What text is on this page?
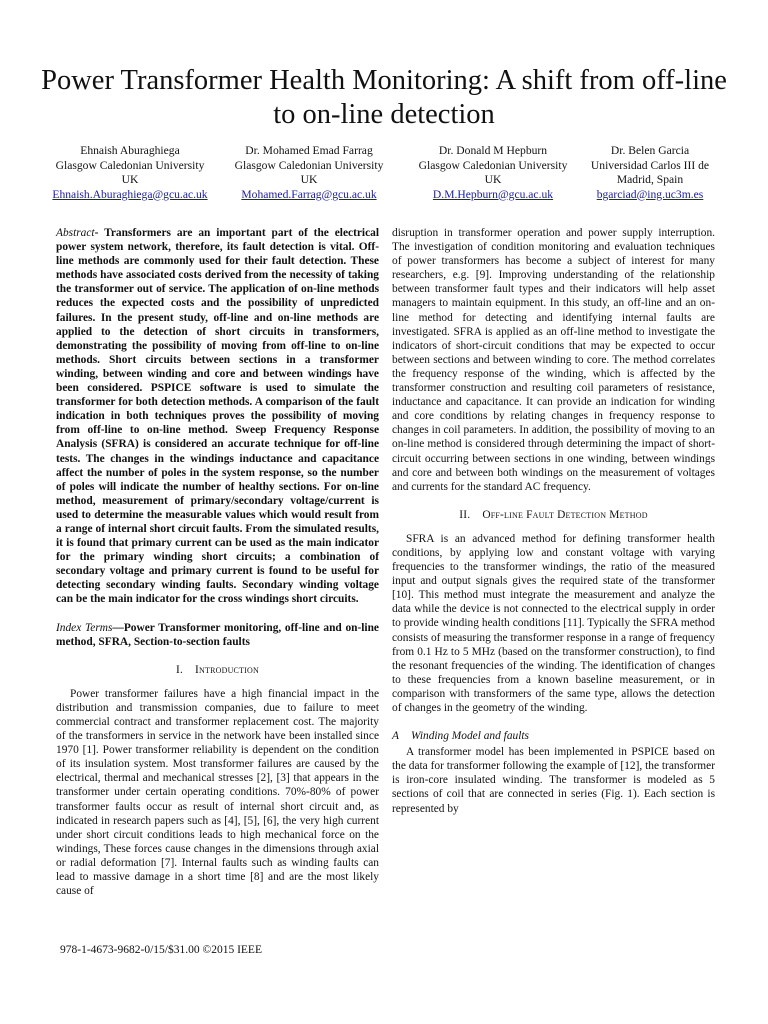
Power Transformer Health Monitoring: A shift from off-line to on-line detection
Ehnaish Aburaghiega
Glasgow Caledonian University
UK
Ehnaish.Aburaghiega@gcu.ac.uk
Dr. Mohamed Emad Farrag
Glasgow Caledonian University
UK
Mohamed.Farrag@gcu.ac.uk
Dr. Donald M Hepburn
Glasgow Caledonian University
UK
D.M.Hepburn@gcu.ac.uk
Dr. Belen Garcia
Universidad Carlos III de
Madrid, Spain
bgarciad@ing.uc3m.es

Abstract- Transformers are an important part of the electrical power system network, therefore, its fault detection is vital. Off-line methods are commonly used for their fault detection. These methods have associated costs derived from the necessity of taking the transformer out of service. The application of on-line methods reduces the expected costs and the possibility of unpredicted failures. In the present study, off-line and on-line methods are applied to the detection of short circuits in transformers, demonstrating the possibility of moving from off-line to on-line methods. Short circuits between sections in a transformer winding, between winding and core and between windings have been considered. PSPICE software is used to simulate the transformer for both detection methods. A comparison of the fault indication in both techniques proves the possibility of moving from off-line to on-line method. Sweep Frequency Response Analysis (SFRA) is considered an accurate technique for off-line tests. The changes in the windings inductance and capacitance affect the number of poles in the system response, so the number of poles will indicate the number of healthy sections. For on-line method, measurement of primary/secondary voltage/current is used to determine the measurable values which would result from a range of internal short circuit faults. From the simulated results, it is found that primary current can be used as the main indicator for the primary winding short circuits; a combination of secondary voltage and primary current is found to be useful for detecting secondary winding faults. Secondary winding voltage can be the main indicator for the cross windings short circuits.

Index Terms—Power Transformer monitoring, off-line and on-line method, SFRA, Section-to-section faults

I. Introduction

Power transformer failures have a high financial impact in the distribution and transmission companies, due to failure to meet commercial contract and transformer replacement cost. The majority of the transformers in service in the network have been installed since 1970 [1]. Power transformer reliability is dependent on the condition of its insulation system. Most transformer failures are caused by the electrical, thermal and mechanical stresses [2], [3] that appears in the transformer under certain operating conditions. 70%-80% of power transformer faults occur as result of internal short circuit and, as indicated in research papers such as [4], [5], [6], the very high current under short circuit conditions leads to high mechanical force on the windings, These forces cause changes in the dimensions through axial or radial deformation [7]. Internal faults such as winding faults can lead to massive damage in a short time [8] and are the most likely cause of

disruption in transformer operation and power supply interruption. The investigation of condition monitoring and evaluation techniques of power transformers has become a subject of interest for many researchers, e.g. [9]. Improving understanding of the relationship between transformer fault types and their indicators will help asset managers to maintain equipment. In this study, an off-line and an on-line method for detecting and identifying internal faults are investigated. SFRA is applied as an off-line method to investigate the indicators of short-circuit conditions that may be expected to occur between sections and between winding to core. The method correlates the frequency response of the winding, which is affected by the transformer construction and resulting coil parameters of resistance, inductance and capacitance. It can provide an indication for winding and core conditions by relating changes in frequency response to changes in coil parameters. In addition, the possibility of moving to an on-line method is considered through determining the impact of short-circuit occurring between sections in one winding, between windings and core and between both windings on the measurement of voltages and currents for the standard AC frequency.

II. Off-line Fault Detection Method

SFRA is an advanced method for defining transformer health conditions, by applying low and constant voltage with varying frequencies to the transformer windings, the ratio of the measured input and output signals gives the required state of the transformer [10]. This method must integrate the measurement and analyze the data while the device is not connected to the electrical supply in order to provide winding health conditions [11]. Typically the SFRA method consists of measuring the transformer response in a range of frequency from 0.1 Hz to 5 MHz (based on the transformer construction), to find the resonant frequencies of the winding. The identification of changes to these frequencies from a known baseline measurement, or in comparison with transformers of the same type, allows the detection of changes in the geometry of the winding.

A Winding Model and faults

A transformer model has been implemented in PSPICE based on the data for transformer following the example of [12], the transformer is iron-core insulated winding. The transformer is modeled as 5 sections of coil that are connected in series (Fig. 1). Each section is represented by

978-1-4673-9682-0/15/$31.00 ©2015 IEEE
